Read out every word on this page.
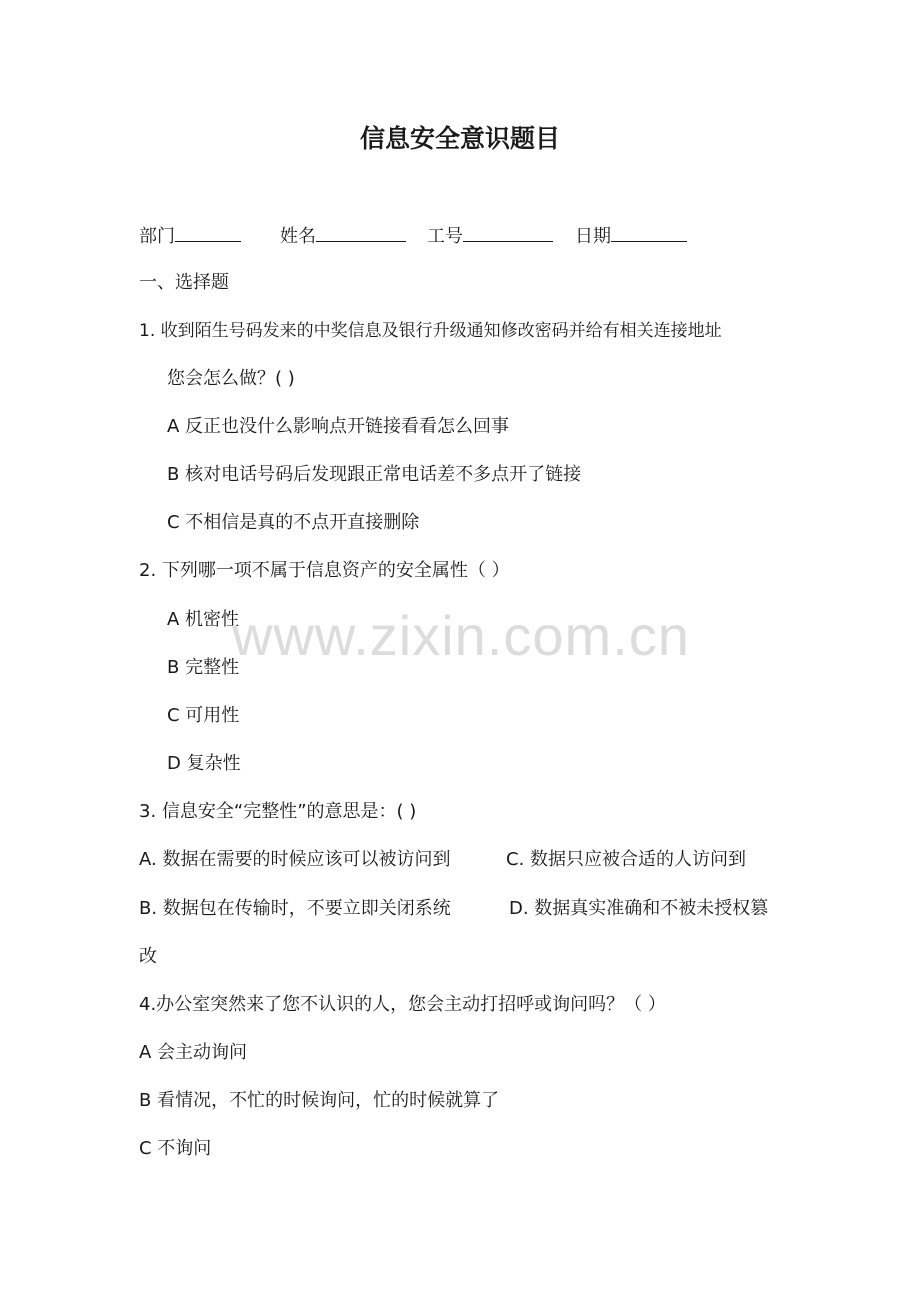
信息安全意识题目
部门	姓名	工号	日期
一、选择题
1. 收到陌生号码发来的中奖信息及银行升级通知修改密码并给有相关连接地址
您会怎么做？( )
A 反正也没什么影响点开链接看看怎么回事
B 核对电话号码后发现跟正常电话差不多点开了链接
C 不相信是真的不点开直接删除
2. 下列哪一项不属于信息资产的安全属性（ ）
A 机密性
B 完整性
C 可用性
D 复杂性
3. 信息安全“完整性”的意思是：( )
A. 数据在需要的时候应该可以被访问到	C. 数据只应被合适的人访问到
B. 数据包在传输时，不要立即关闭系统	D. 数据真实准确和不被未授权篡
改
4.办公室突然来了您不认识的人，您会主动打招呼或询问吗？（ ）
A 会主动询问
B 看情况，不忙的时候询问，忙的时候就算了
C 不询问
www.zixin.com.cn
